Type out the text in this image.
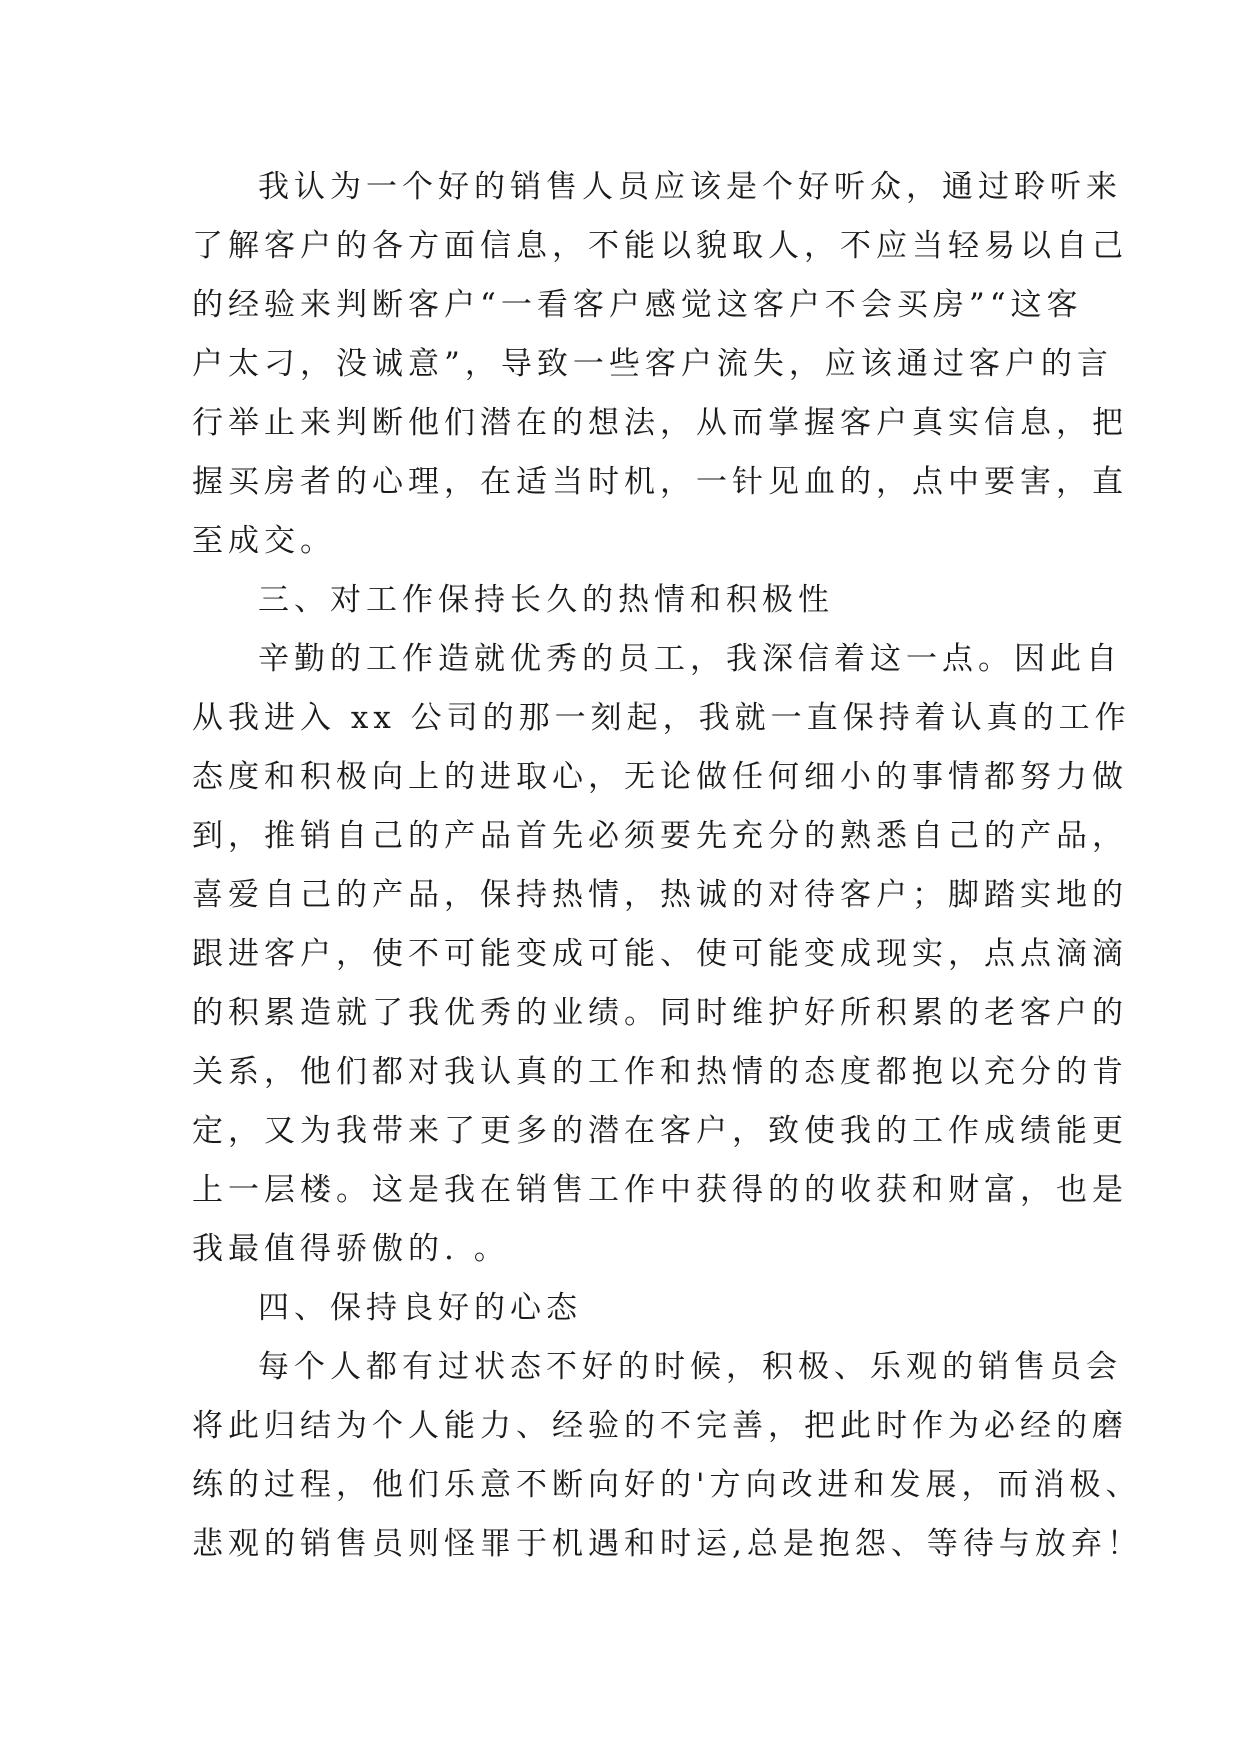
我认为一个好的销售人员应该是个好听众，通过聆听来
了解客户的各方面信息，不能以貌取人，不应当轻易以自己
的经验来判断客户“一看客户感觉这客户不会买房”“这客
户太刁，没诚意”，导致一些客户流失，应该通过客户的言
行举止来判断他们潜在的想法，从而掌握客户真实信息，把
握买房者的心理，在适当时机，一针见血的，点中要害，直
至成交。
三、对工作保持长久的热情和积极性
辛勤的工作造就优秀的员工，我深信着这一点。因此自
从我进入 xx 公司的那一刻起，我就一直保持着认真的工作
态度和积极向上的进取心，无论做任何细小的事情都努力做
到，推销自己的产品首先必须要先充分的熟悉自己的产品，
喜爱自己的产品，保持热情，热诚的对待客户；脚踏实地的
跟进客户，使不可能变成可能、使可能变成现实，点点滴滴
的积累造就了我优秀的业绩。同时维护好所积累的老客户的
关系，他们都对我认真的工作和热情的态度都抱以充分的肯
定，又为我带来了更多的潜在客户，致使我的工作成绩能更
上一层楼。这是我在销售工作中获得的的收获和财富，也是
我最值得骄傲的. 。
四、保持良好的心态
每个人都有过状态不好的时候，积极、乐观的销售员会
将此归结为个人能力、经验的不完善，把此时作为必经的磨
练的过程，他们乐意不断向好的'方向改进和发展，而消极、
悲观的销售员则怪罪于机遇和时运,总是抱怨、等待与放弃！
